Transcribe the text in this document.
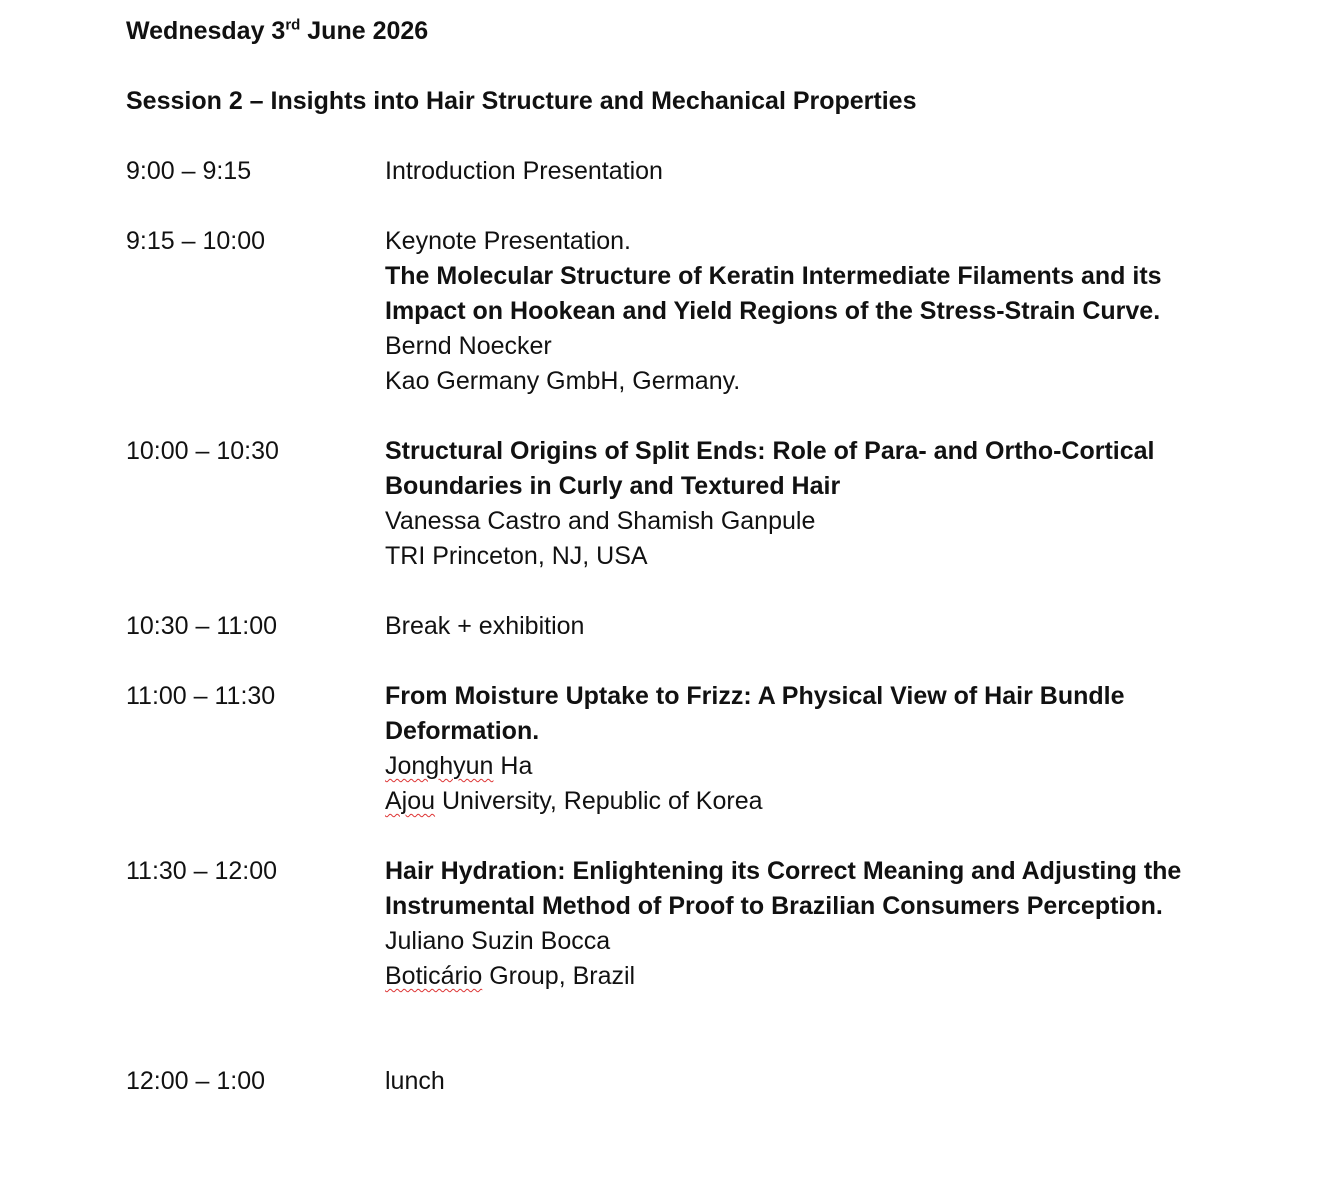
Wednesday 3rd June 2026

Session 2 – Insights into Hair Structure and Mechanical Properties

9:00 – 9:15	Introduction Presentation
9:15 – 10:00	Keynote Presentation.
The Molecular Structure of Keratin Intermediate Filaments and its Impact on Hookean and Yield Regions of the Stress-Strain Curve.
Bernd Noecker
Kao Germany GmbH, Germany.
10:00 – 10:30	Structural Origins of Split Ends: Role of Para- and Ortho-Cortical Boundaries in Curly and Textured Hair
Vanessa Castro and Shamish Ganpule
TRI Princeton, NJ, USA
10:30 – 11:00	Break + exhibition
11:00 – 11:30	From Moisture Uptake to Frizz: A Physical View of Hair Bundle Deformation.
Jonghyun Ha
Ajou University, Republic of Korea
11:30 – 12:00	Hair Hydration: Enlightening its Correct Meaning and Adjusting the Instrumental Method of Proof to Brazilian Consumers Perception.
Juliano Suzin Bocca
Boticário Group, Brazil
12:00 – 1:00	lunch
